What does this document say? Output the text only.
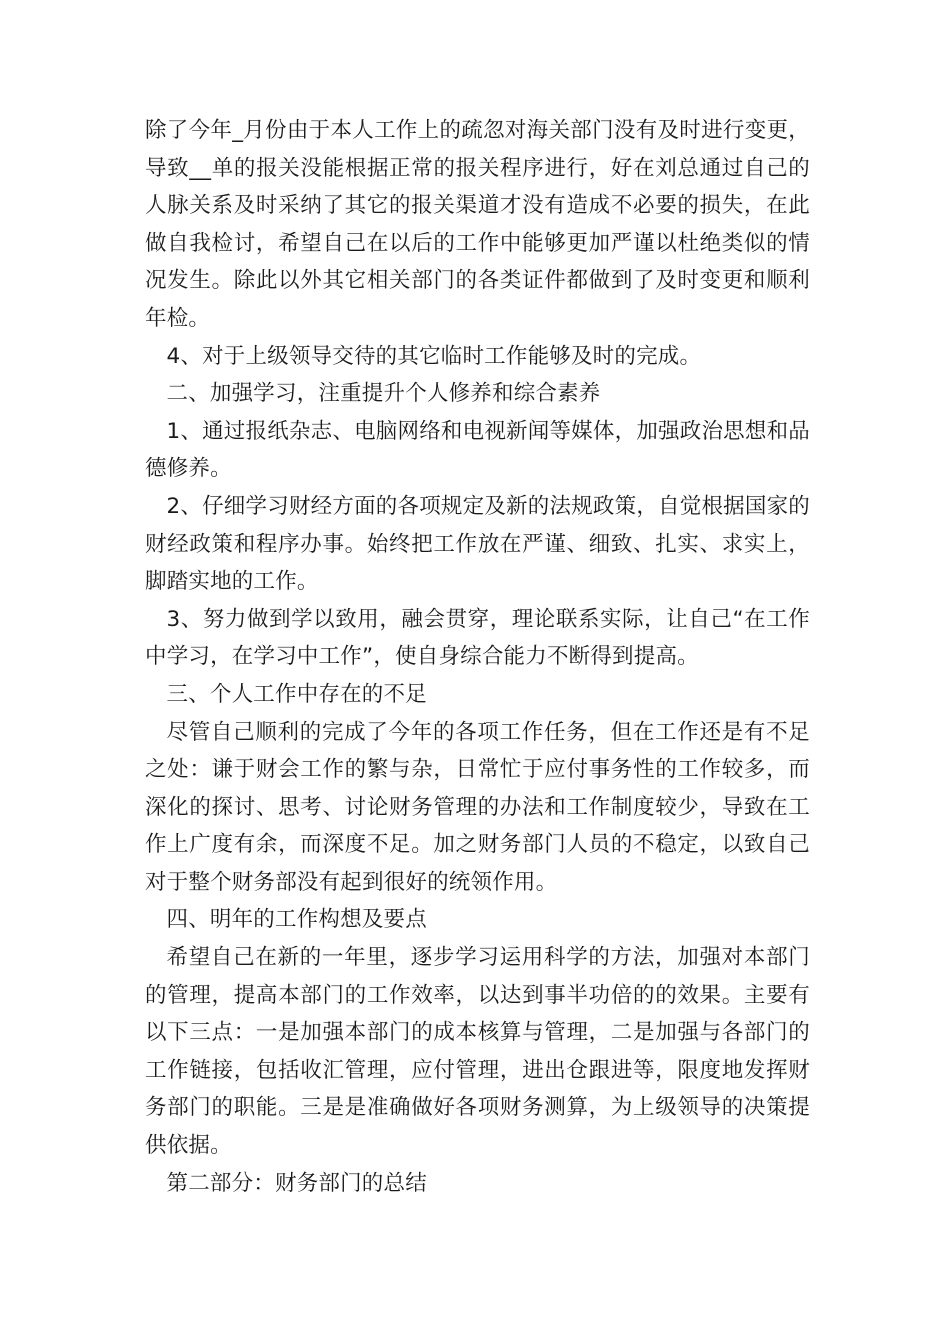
除了今年_月份由于本人工作上的疏忽对海关部门没有及时进行变更，导致__单的报关没能根据正常的报关程序进行，好在刘总通过自己的人脉关系及时采纳了其它的报关渠道才没有造成不必要的损失，在此做自我检讨，希望自己在以后的工作中能够更加严谨以杜绝类似的情况发生。除此以外其它相关部门的各类证件都做到了及时变更和顺利年检。

4、对于上级领导交待的其它临时工作能够及时的完成。

二、加强学习，注重提升个人修养和综合素养

1、通过报纸杂志、电脑网络和电视新闻等媒体，加强政治思想和品德修养。

2、仔细学习财经方面的各项规定及新的法规政策，自觉根据国家的财经政策和程序办事。始终把工作放在严谨、细致、扎实、求实上，脚踏实地的工作。

3、努力做到学以致用，融会贯穿，理论联系实际，让自己“在工作中学习，在学习中工作”，使自身综合能力不断得到提高。

三、个人工作中存在的不足

尽管自己顺利的完成了今年的各项工作任务，但在工作还是有不足之处：谦于财会工作的繁与杂，日常忙于应付事务性的工作较多，而深化的探讨、思考、讨论财务管理的办法和工作制度较少，导致在工作上广度有余，而深度不足。加之财务部门人员的不稳定，以致自己对于整个财务部没有起到很好的统领作用。

四、明年的工作构想及要点

希望自己在新的一年里，逐步学习运用科学的方法，加强对本部门的管理，提高本部门的工作效率，以达到事半功倍的的效果。主要有以下三点：一是加强本部门的成本核算与管理，二是加强与各部门的工作链接，包括收汇管理，应付管理，进出仓跟进等，限度地发挥财务部门的职能。三是是准确做好各项财务测算，为上级领导的决策提供依据。

第二部分：财务部门的总结
